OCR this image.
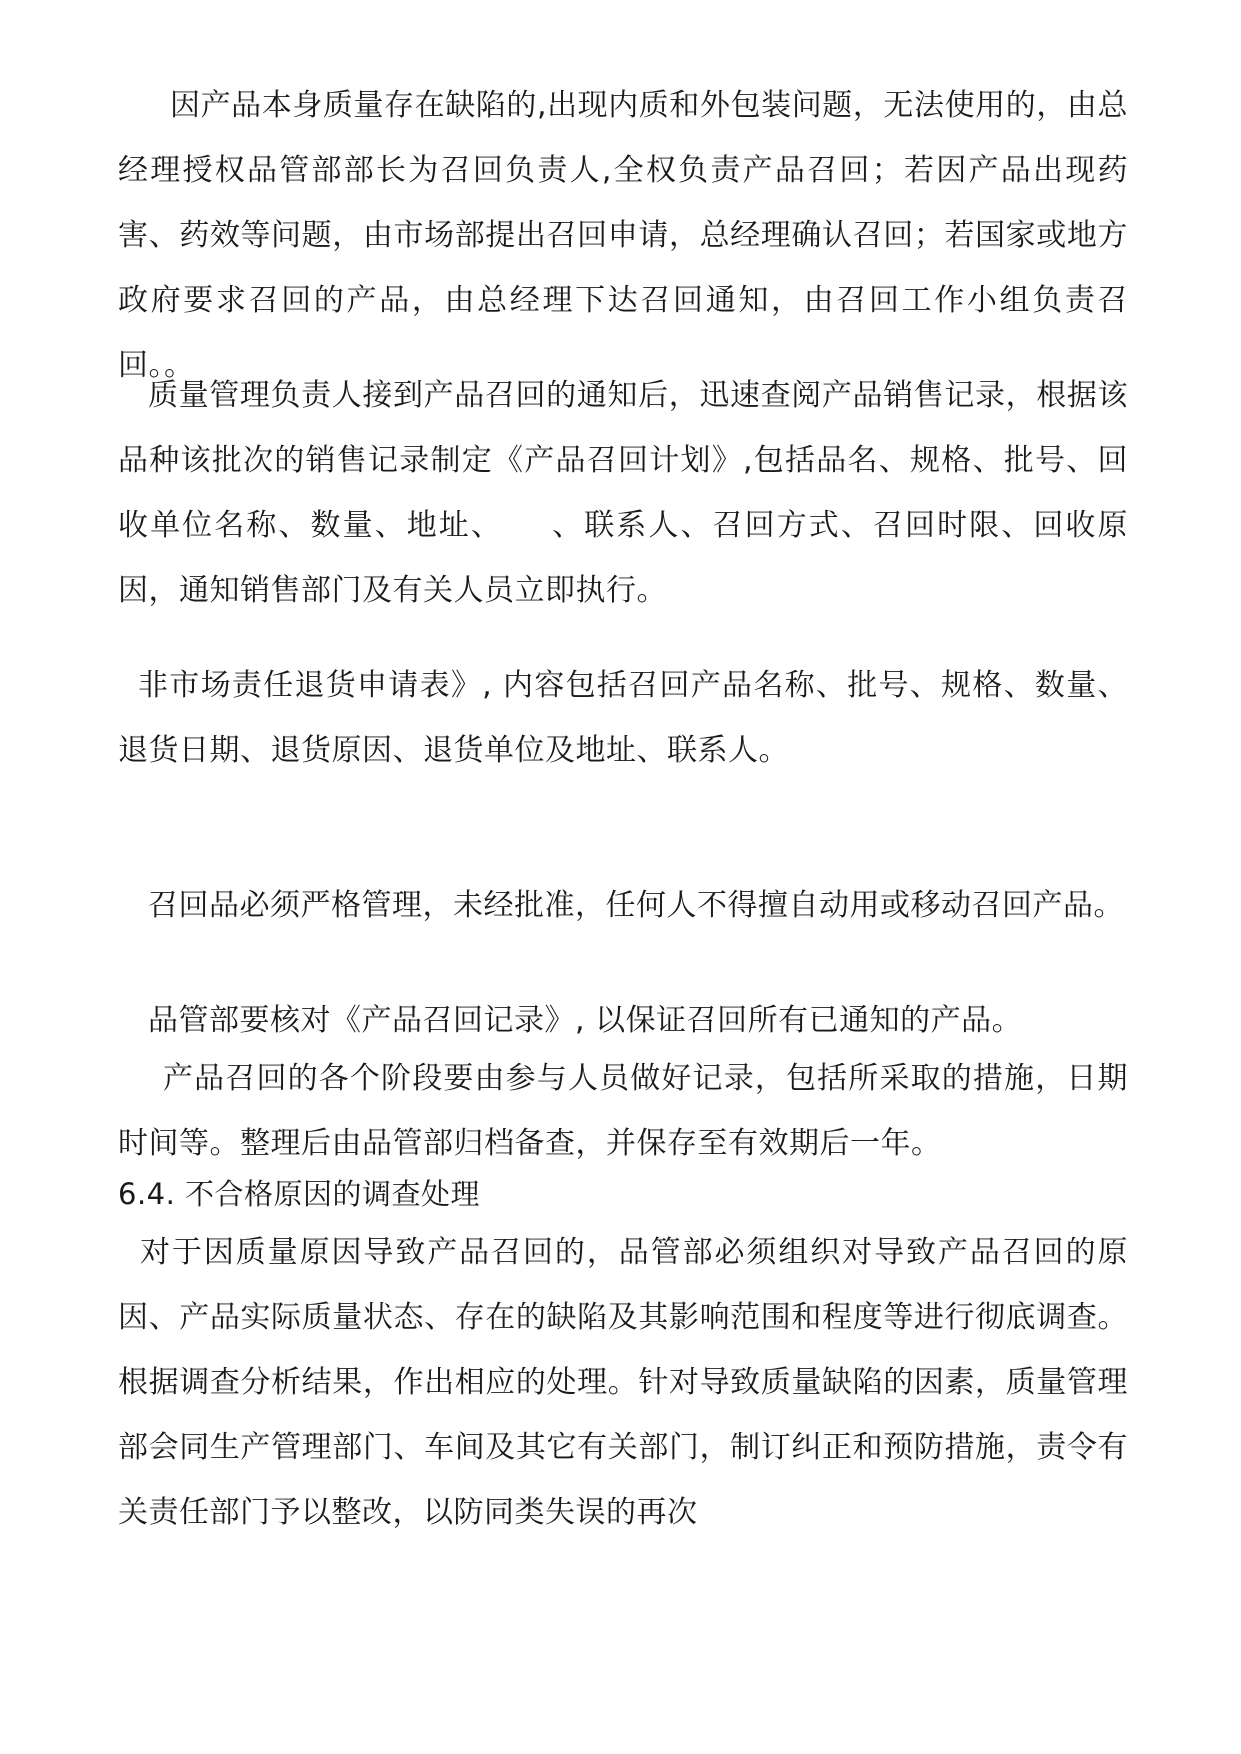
因产品本身质量存在缺陷的,出现内质和外包装问题，无法使用的，由总经理授权品管部部长为召回负责人,全权负责产品召回；若因产品出现药害、药效等问题，由市场部提出召回申请，总经理确认召回；若国家或地方政府要求召回的产品，由总经理下达召回通知，由召回工作小组负责召回。。

质量管理负责人接到产品召回的通知后，迅速查阅产品销售记录，根据该品种该批次的销售记录制定《产品召回计划》,包括品名、规格、批号、回收单位名称、数量、地址、　　、联系人、召回方式、召回时限、回收原因，通知销售部门及有关人员立即执行。

非市场责任退货申请表》, 内容包括召回产品名称、批号、规格、数量、退货日期、退货原因、退货单位及地址、联系人。

召回品必须严格管理，未经批准，任何人不得擅自动用或移动召回产品。

品管部要核对《产品召回记录》, 以保证召回所有已通知的产品。

产品召回的各个阶段要由参与人员做好记录，包括所采取的措施，日期时间等。整理后由品管部归档备查，并保存至有效期后一年。

6.4. 不合格原因的调查处理

对于因质量原因导致产品召回的，品管部必须组织对导致产品召回的原因、产品实际质量状态、存在的缺陷及其影响范围和程度等进行彻底调查。根据调查分析结果，作出相应的处理。针对导致质量缺陷的因素，质量管理部会同生产管理部门、车间及其它有关部门，制订纠正和预防措施，责令有关责任部门予以整改，以防同类失误的再次
